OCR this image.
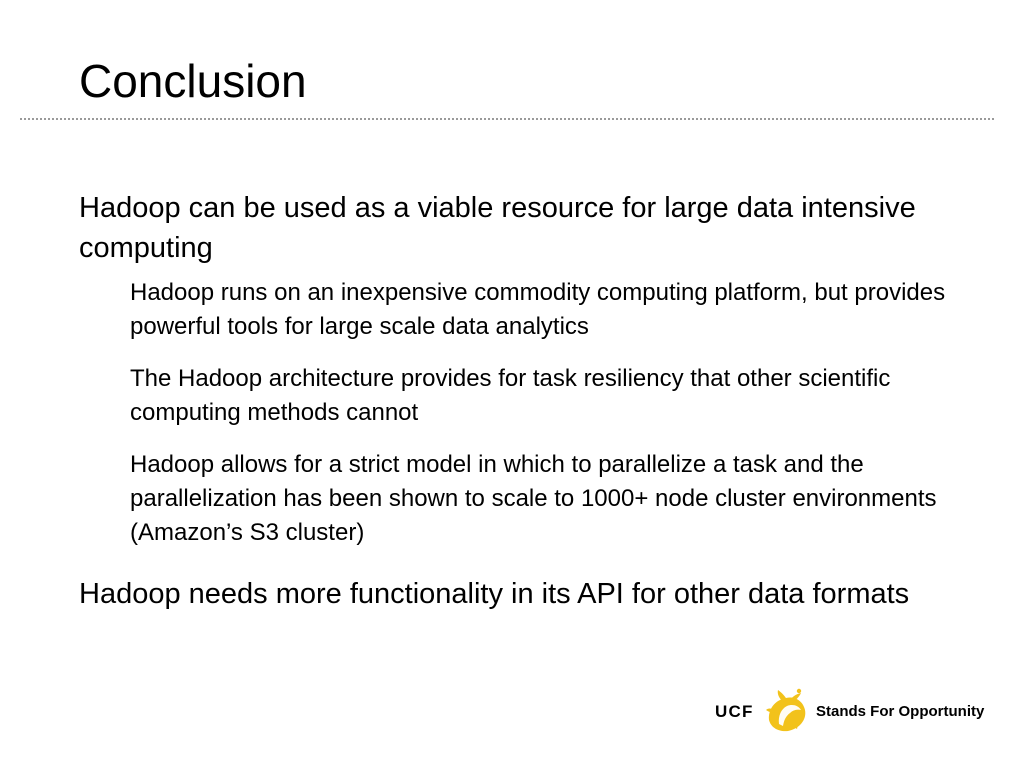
Conclusion
Hadoop can be used as a viable resource for large data intensive computing
Hadoop runs on an inexpensive commodity computing platform, but provides powerful tools for large scale data analytics
The Hadoop architecture provides for task resiliency that other scientific computing methods cannot
Hadoop allows for a strict model in which to parallelize a task and the parallelization has been shown to scale to 1000+ node cluster environments (Amazon’s S3 cluster)
Hadoop needs more functionality in its API for other data formats
UCF	Stands For Opportunity
